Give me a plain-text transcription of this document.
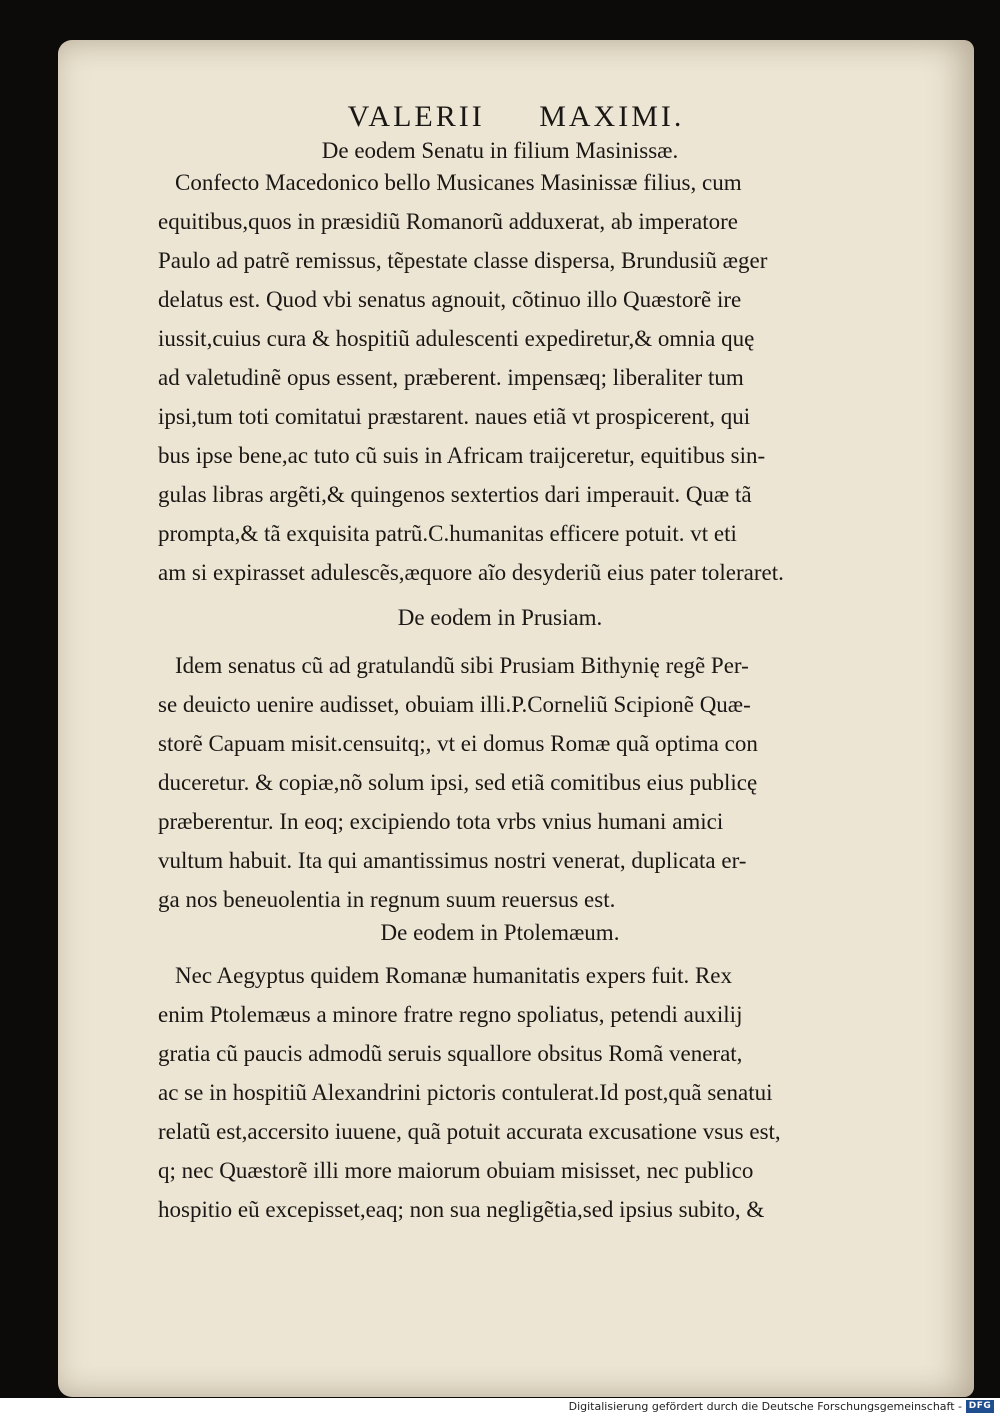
VALERII MAXIMI.
De eodem Senatu in filium Masinissæ.
Confecto Macedonico bello Musicanes Masinissæ filius, cum
equitibus,quos in præsidiũ Romanorũ adduxerat, ab imperatore
Paulo ad patrẽ remissus, tẽpestate classe dispersa, Brundusiũ æger
delatus est. Quod vbi senatus agnouit, cõtinuo illo Quæstorẽ ire
iussit,cuius cura & hospitiũ adulescenti expediretur,& omnia quę
ad valetudinẽ opus essent, præberent. impensæq; liberaliter tum
ipsi,tum toti comitatui præstarent. naues etiã vt prospicerent, qui
bus ipse bene,ac tuto cũ suis in Africam traijceretur, equitibus sin-
gulas libras argẽti,& quingenos sextertios dari imperauit. Quæ tã
prompta,& tã exquisita patrũ.C.humanitas efficere potuit. vt eti
am si expirasset adulescẽs,æquore aĩo desyderiũ eius pater toleraret.
De eodem in Prusiam.
Idem senatus cũ ad gratulandũ sibi Prusiam Bithynię regẽ Per-
se deuicto uenire audisset, obuiam illi.P.Corneliũ Scipionẽ Quæ-
storẽ Capuam misit.censuitq;, vt ei domus Romæ quã optima con
duceretur. & copiæ,nõ solum ipsi, sed etiã comitibus eius publicę
præberentur. In eoq; excipiendo tota vrbs vnius humani amici
vultum habuit. Ita qui amantissimus nostri venerat, duplicata er-
ga nos beneuolentia in regnum suum reuersus est.
De eodem in Ptolemæum.
Nec Aegyptus quidem Romanæ humanitatis expers fuit. Rex
enim Ptolemæus a minore fratre regno spoliatus, petendi auxilij
gratia cũ paucis admodũ seruis squallore obsitus Romã venerat,
ac se in hospitiũ Alexandrini pictoris contulerat.Id post,quã senatui
relatũ est,accersito iuuene, quã potuit accurata excusatione vsus est,
q; nec Quæstorẽ illi more maiorum obuiam misisset, nec publico
hospitio eũ excepisset,eaq; non sua negligẽtia,sed ipsius subito, &
Digitalisierung gefördert durch die Deutsche Forschungsgemeinschaft - DFG
